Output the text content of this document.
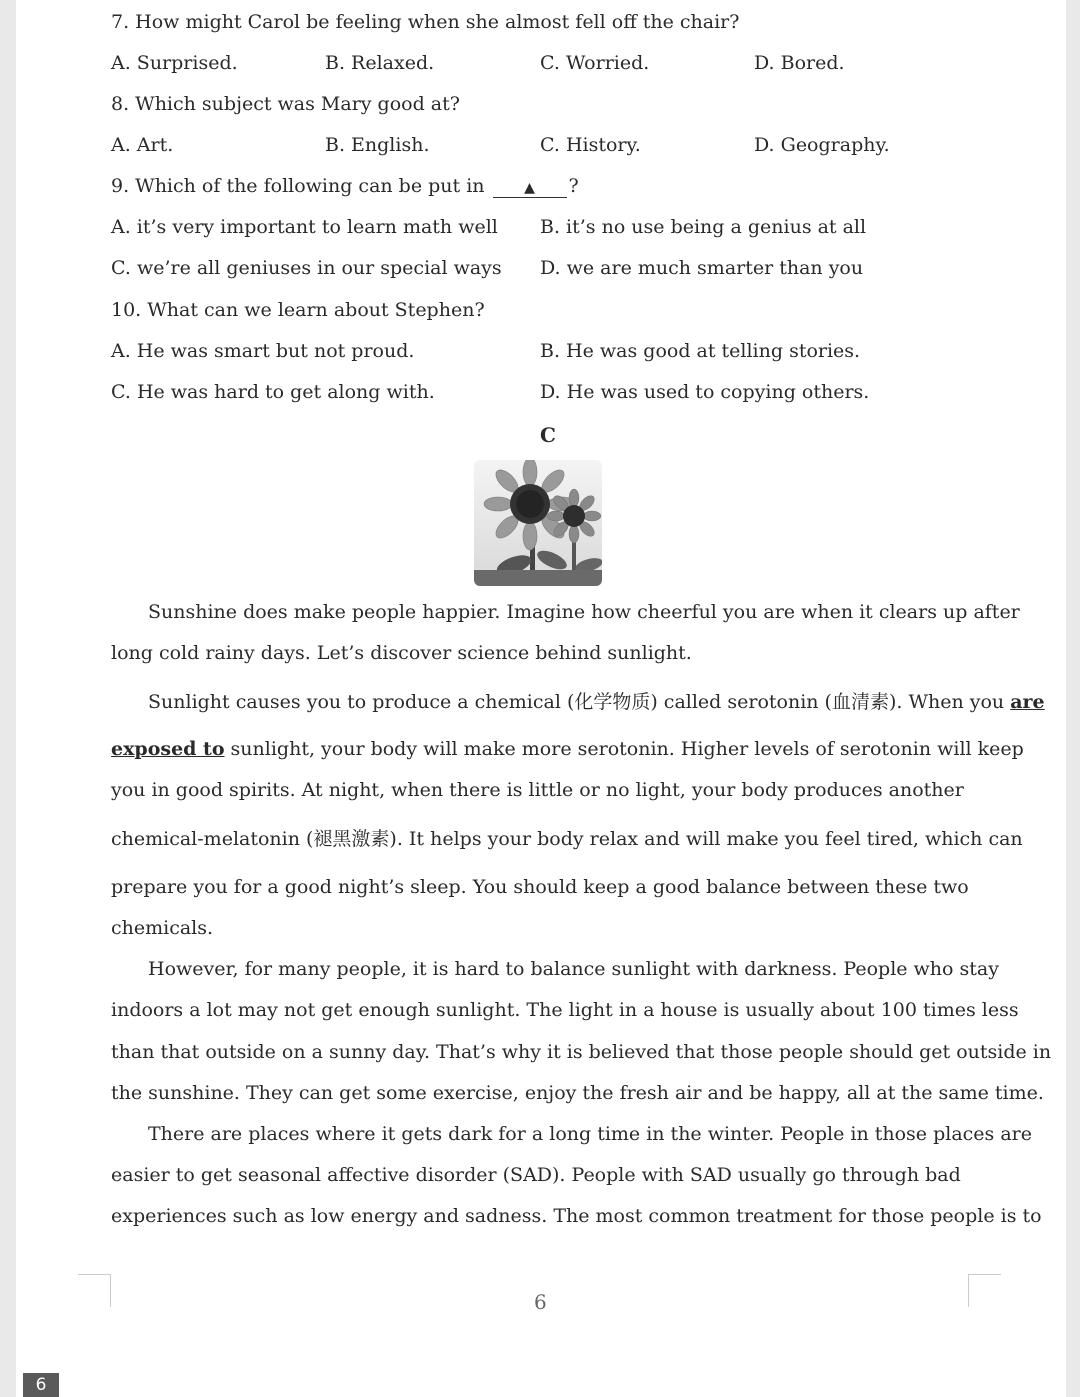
7. How might Carol be feeling when she almost fell off the chair?
A. Surprised.	B. Relaxed.	C. Worried.	D. Bored.
8. Which subject was Mary good at?
A. Art.	B. English.	C. History.	D. Geography.
9. Which of the following can be put in	▲ ?
A. it’s very important to learn math well B. it’s no use being a genius at all
C. we’re all geniuses in our special ways D. we are much smarter than you
10. What can we learn about Stephen?
A. He was smart but not proud.	B. He was good at telling stories.
C. He was hard to get along with.	D. He was used to copying others.
C
Sunshine does make people happier. Imagine how cheerful you are when it clears up after
long cold rainy days. Let’s discover science behind sunlight.
Sunlight causes you to produce a chemical (化学物质) called serotonin (血清素). When you are
exposed to sunlight, your body will make more serotonin. Higher levels of serotonin will keep
you in good spirits. At night, when there is little or no light, your body produces another
chemical-melatonin (褪黑激素). It helps your body relax and will make you feel tired, which can
prepare you for a good night’s sleep. You should keep a good balance between these two
chemicals.
However, for many people, it is hard to balance sunlight with darkness. People who stay
indoors a lot may not get enough sunlight. The light in a house is usually about 100 times less
than that outside on a sunny day. That’s why it is believed that those people should get outside in
the sunshine. They can get some exercise, enjoy the fresh air and be happy, all at the same time.
There are places where it gets dark for a long time in the winter. People in those places are
easier to get seasonal affective disorder (SAD). People with SAD usually go through bad
experiences such as low energy and sadness. The most common treatment for those people is to
6
6
